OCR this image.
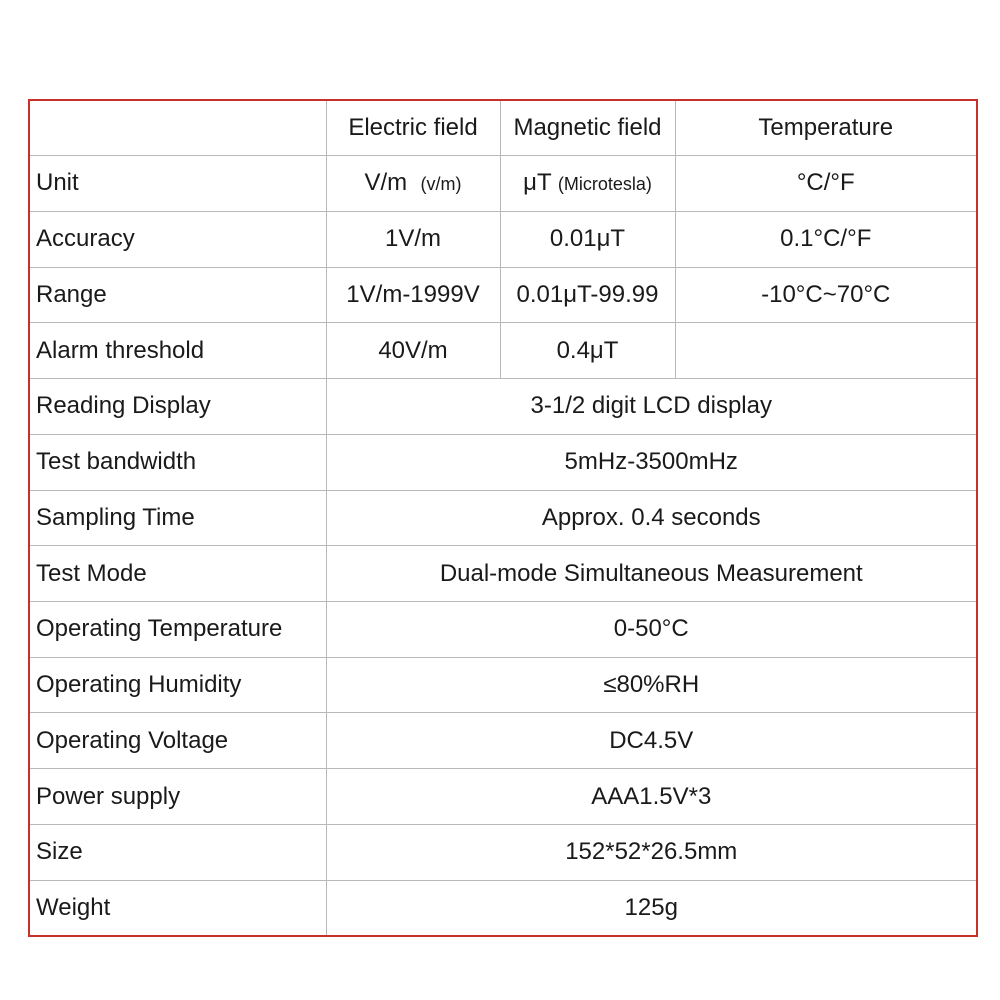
	Electric field	Magnetic field	Temperature
Unit	V/m (v/m)	μT (Microtesla)	°C/°F
Accuracy	1V/m	0.01μT	0.1°C/°F
Range	1V/m-1999V	0.01μT-99.99	-10°C~70°C
Alarm threshold	40V/m	0.4μT	
Reading Display	3-1/2 digit LCD display		
Test bandwidth	5mHz-3500mHz		
Sampling Time	Approx. 0.4 seconds		
Test Mode	Dual-mode Simultaneous Measurement		
Operating Temperature	0-50°C		
Operating Humidity	≤80%RH		
Operating Voltage	DC4.5V		
Power supply	AAA1.5V*3		
Size	152*52*26.5mm		
Weight	125g		
